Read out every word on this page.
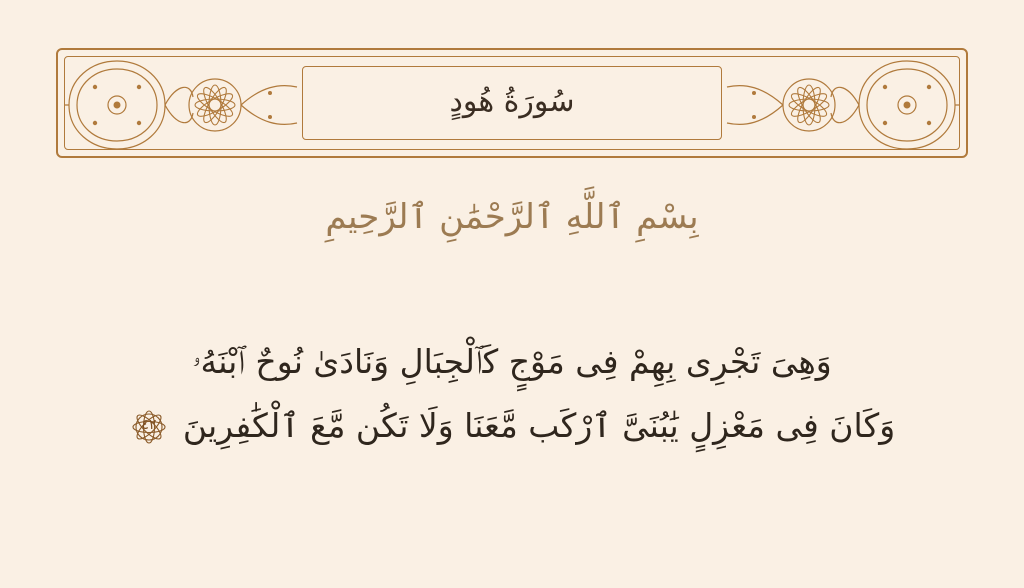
سُورَةُ هُودٍ
بِسْمِ ٱللَّهِ ٱلرَّحْمَٰنِ ٱلرَّحِيمِ
وَهِىَ تَجْرِى بِهِمْ فِى مَوْجٍ كَٱلْجِبَالِ وَنَادَىٰ نُوحٌ ٱبْنَهُۥ
وَكَانَ فِى مَعْزِلٍ يَٰبُنَىَّ ٱرْكَب مَّعَنَا وَلَا تَكُن مَّعَ ٱلْكَٰفِرِينَ
٤٢
